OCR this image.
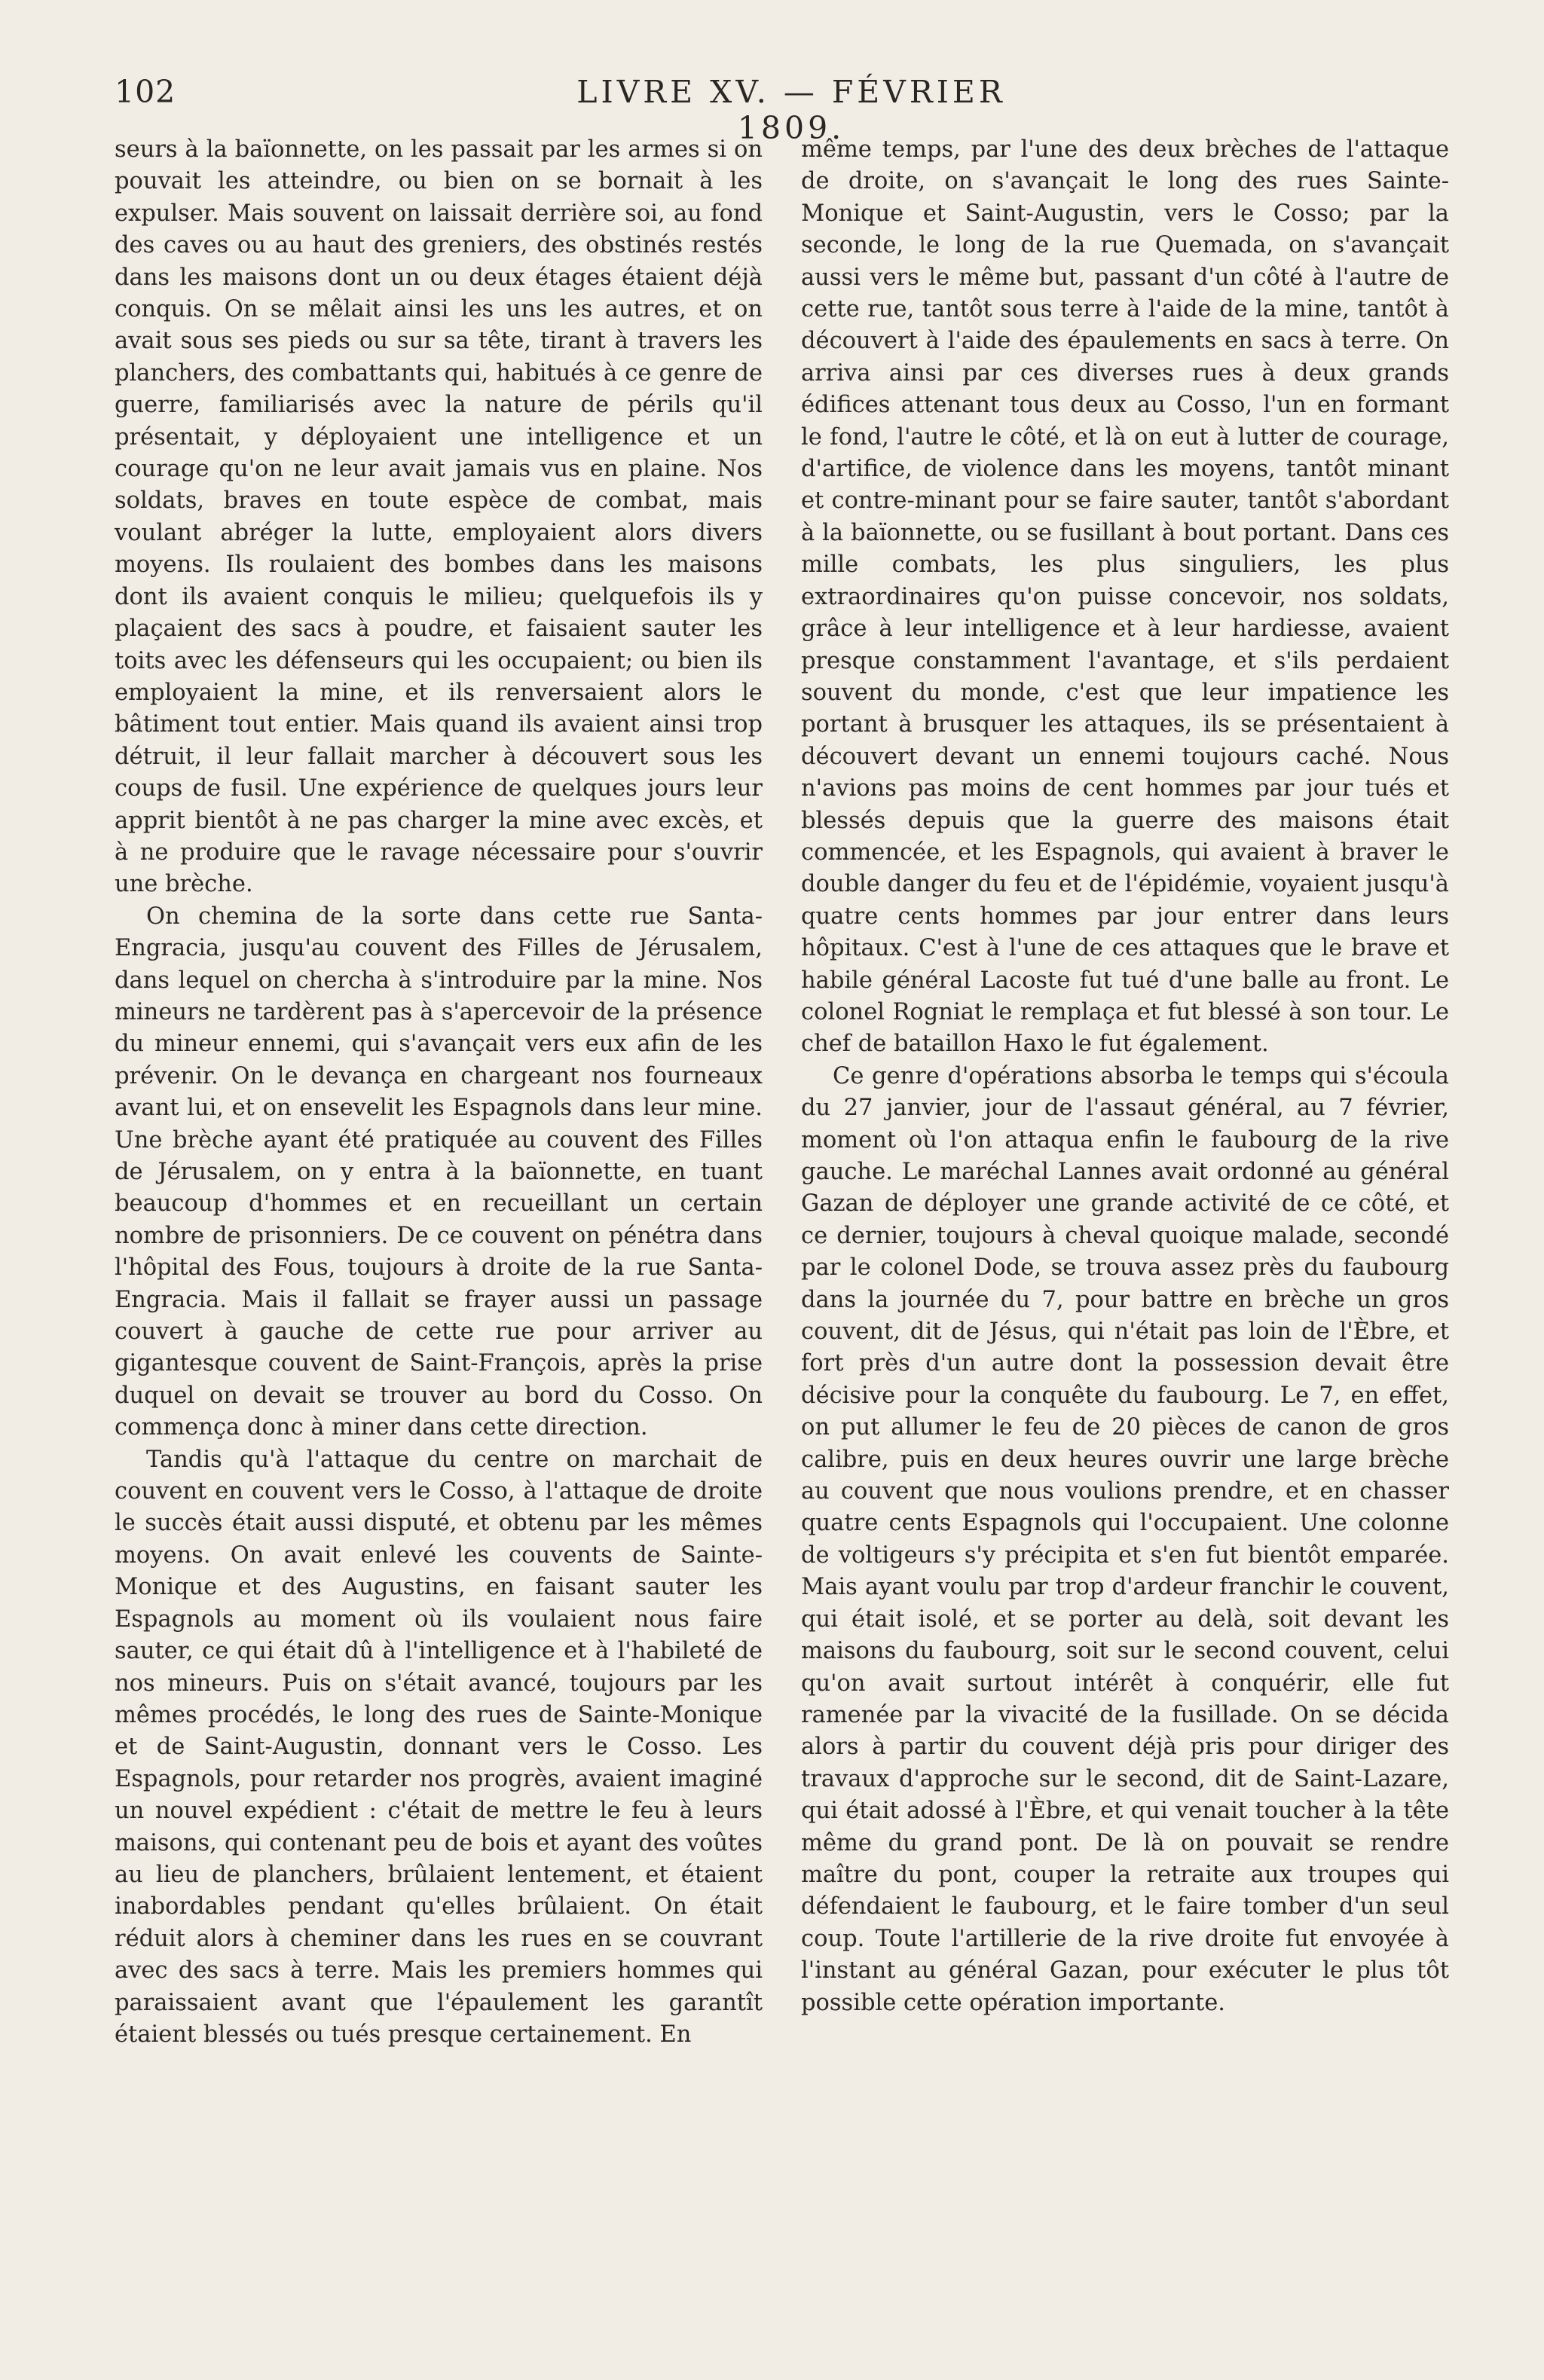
102	LIVRE XV. — FÉVRIER 1809.

seurs à la baïonnette, on les passait par les armes si on pouvait les atteindre, ou bien on se bornait à les expulser. Mais souvent on laissait derrière soi, au fond des caves ou au haut des greniers, des obstinés restés dans les maisons dont un ou deux étages étaient déjà conquis. On se mêlait ainsi les uns les autres, et on avait sous ses pieds ou sur sa tête, tirant à travers les planchers, des combattants qui, habitués à ce genre de guerre, familiarisés avec la nature de périls qu'il présentait, y déployaient une intelligence et un courage qu'on ne leur avait jamais vus en plaine. Nos soldats, braves en toute espèce de combat, mais voulant abréger la lutte, employaient alors divers moyens. Ils roulaient des bombes dans les maisons dont ils avaient conquis le milieu; quelquefois ils y plaçaient des sacs à poudre, et faisaient sauter les toits avec les défenseurs qui les occupaient; ou bien ils employaient la mine, et ils renversaient alors le bâtiment tout entier. Mais quand ils avaient ainsi trop détruit, il leur fallait marcher à découvert sous les coups de fusil. Une expérience de quelques jours leur apprit bientôt à ne pas charger la mine avec excès, et à ne produire que le ravage nécessaire pour s'ouvrir une brèche.

On chemina de la sorte dans cette rue Santa-Engracia, jusqu'au couvent des Filles de Jérusalem, dans lequel on chercha à s'introduire par la mine. Nos mineurs ne tardèrent pas à s'apercevoir de la présence du mineur ennemi, qui s'avançait vers eux afin de les prévenir. On le devança en chargeant nos fourneaux avant lui, et on ensevelit les Espagnols dans leur mine. Une brèche ayant été pratiquée au couvent des Filles de Jérusalem, on y entra à la baïonnette, en tuant beaucoup d'hommes et en recueillant un certain nombre de prisonniers. De ce couvent on pénétra dans l'hôpital des Fous, toujours à droite de la rue Santa-Engracia. Mais il fallait se frayer aussi un passage couvert à gauche de cette rue pour arriver au gigantesque couvent de Saint-François, après la prise duquel on devait se trouver au bord du Cosso. On commença donc à miner dans cette direction.

Tandis qu'à l'attaque du centre on marchait de couvent en couvent vers le Cosso, à l'attaque de droite le succès était aussi disputé, et obtenu par les mêmes moyens. On avait enlevé les couvents de Sainte-Monique et des Augustins, en faisant sauter les Espagnols au moment où ils voulaient nous faire sauter, ce qui était dû à l'intelligence et à l'habileté de nos mineurs. Puis on s'était avancé, toujours par les mêmes procédés, le long des rues de Sainte-Monique et de Saint-Augustin, donnant vers le Cosso. Les Espagnols, pour retarder nos progrès, avaient imaginé un nouvel expédient : c'était de mettre le feu à leurs maisons, qui contenant peu de bois et ayant des voûtes au lieu de planchers, brûlaient lentement, et étaient inabordables pendant qu'elles brûlaient. On était réduit alors à cheminer dans les rues en se couvrant avec des sacs à terre. Mais les premiers hommes qui paraissaient avant que l'épaulement les garantît étaient blessés ou tués presque certainement. En

même temps, par l'une des deux brèches de l'attaque de droite, on s'avançait le long des rues Sainte-Monique et Saint-Augustin, vers le Cosso; par la seconde, le long de la rue Quemada, on s'avançait aussi vers le même but, passant d'un côté à l'autre de cette rue, tantôt sous terre à l'aide de la mine, tantôt à découvert à l'aide des épaulements en sacs à terre. On arriva ainsi par ces diverses rues à deux grands édifices attenant tous deux au Cosso, l'un en formant le fond, l'autre le côté, et là on eut à lutter de courage, d'artifice, de violence dans les moyens, tantôt minant et contre-minant pour se faire sauter, tantôt s'abordant à la baïonnette, ou se fusillant à bout portant. Dans ces mille combats, les plus singuliers, les plus extraordinaires qu'on puisse concevoir, nos soldats, grâce à leur intelligence et à leur hardiesse, avaient presque constamment l'avantage, et s'ils perdaient souvent du monde, c'est que leur impatience les portant à brusquer les attaques, ils se présentaient à découvert devant un ennemi toujours caché. Nous n'avions pas moins de cent hommes par jour tués et blessés depuis que la guerre des maisons était commencée, et les Espagnols, qui avaient à braver le double danger du feu et de l'épidémie, voyaient jusqu'à quatre cents hommes par jour entrer dans leurs hôpitaux. C'est à l'une de ces attaques que le brave et habile général Lacoste fut tué d'une balle au front. Le colonel Rogniat le remplaça et fut blessé à son tour. Le chef de bataillon Haxo le fut également.

Ce genre d'opérations absorba le temps qui s'écoula du 27 janvier, jour de l'assaut général, au 7 février, moment où l'on attaqua enfin le faubourg de la rive gauche. Le maréchal Lannes avait ordonné au général Gazan de déployer une grande activité de ce côté, et ce dernier, toujours à cheval quoique malade, secondé par le colonel Dode, se trouva assez près du faubourg dans la journée du 7, pour battre en brèche un gros couvent, dit de Jésus, qui n'était pas loin de l'Èbre, et fort près d'un autre dont la possession devait être décisive pour la conquête du faubourg. Le 7, en effet, on put allumer le feu de 20 pièces de canon de gros calibre, puis en deux heures ouvrir une large brèche au couvent que nous voulions prendre, et en chasser quatre cents Espagnols qui l'occupaient. Une colonne de voltigeurs s'y précipita et s'en fut bientôt emparée. Mais ayant voulu par trop d'ardeur franchir le couvent, qui était isolé, et se porter au delà, soit devant les maisons du faubourg, soit sur le second couvent, celui qu'on avait surtout intérêt à conquérir, elle fut ramenée par la vivacité de la fusillade. On se décida alors à partir du couvent déjà pris pour diriger des travaux d'approche sur le second, dit de Saint-Lazare, qui était adossé à l'Èbre, et qui venait toucher à la tête même du grand pont. De là on pouvait se rendre maître du pont, couper la retraite aux troupes qui défendaient le faubourg, et le faire tomber d'un seul coup. Toute l'artillerie de la rive droite fut envoyée à l'instant au général Gazan, pour exécuter le plus tôt possible cette opération importante.
